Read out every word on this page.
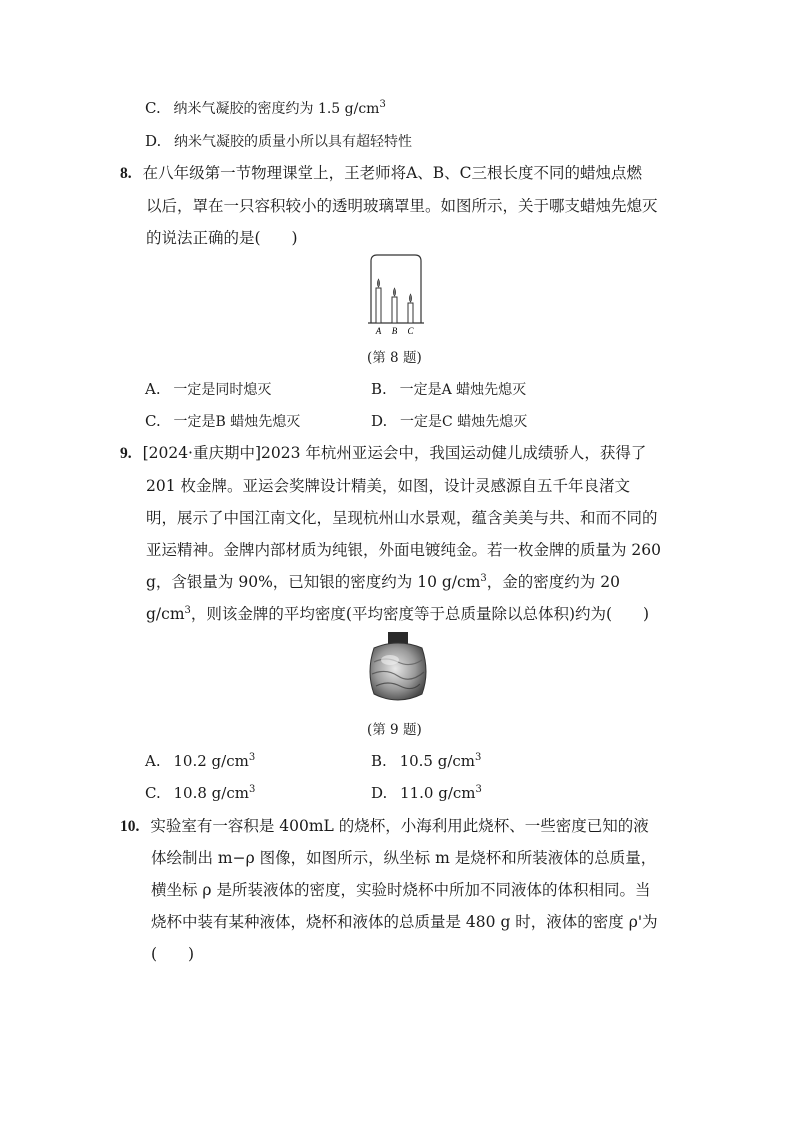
C. 纳米气凝胶的密度约为 1.5 $g/cm^3$
D. 纳米气凝胶的质量小所以具有超轻特性
8. 在八年级第一节物理课堂上，王老师将A、B、C三根长度不同的蜡烛点燃
以后，罩在一只容积较小的透明玻璃罩里。如图所示，关于哪支蜡烛先熄灭
的说法正确的是(　　)
A B C
(第 8 题)
A. 一定是同时熄灭	B. 一定是A 蜡烛先熄灭
C. 一定是B 蜡烛先熄灭	D. 一定是C 蜡烛先熄灭
9. [2024·重庆期中]2023 年杭州亚运会中，我国运动健儿成绩骄人，获得了
201 枚金牌。亚运会奖牌设计精美，如图，设计灵感源自五千年良渚文
明，展示了中国江南文化，呈现杭州山水景观，蕴含美美与共、和而不同的
亚运精神。金牌内部材质为纯银，外面电镀纯金。若一枚金牌的质量为 260
g，含银量为 90%，已知银的密度约为 10 $g/cm^3$，金的密度约为 20
$g/cm^3$，则该金牌的平均密度(平均密度等于总质量除以总体积)约为(　　)
(第 9 题)
A. 10.2 $g/cm^3$	B. 10.5 $g/cm^3$
C. 10.8 $g/cm^3$	D. 11.0 $g/cm^3$
10. 实验室有一容积是 400mL 的烧杯，小海利用此烧杯、一些密度已知的液
体绘制出 m−ρ 图像，如图所示，纵坐标 m 是烧杯和所装液体的总质量，
横坐标 ρ 是所装液体的密度，实验时烧杯中所加不同液体的体积相同。当
烧杯中装有某种液体，烧杯和液体的总质量是 480 g 时，液体的密度 ρ'为
(　　)
